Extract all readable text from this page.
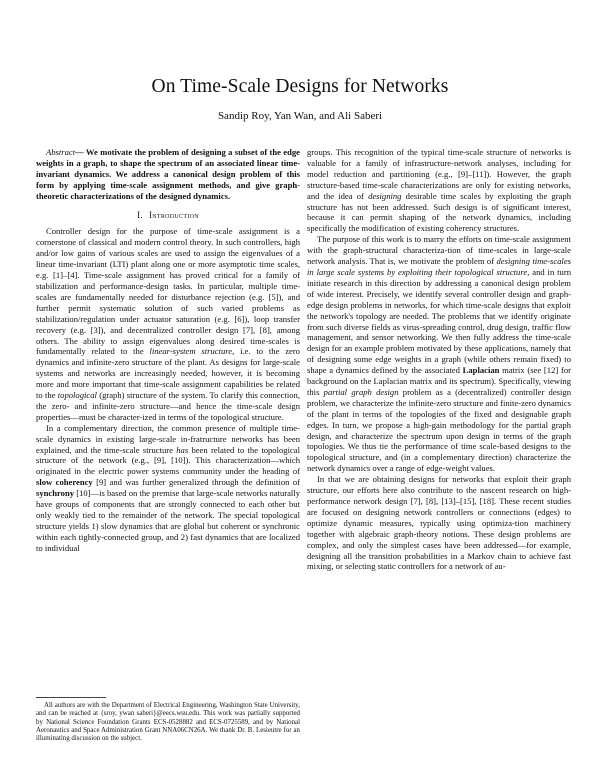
On Time-Scale Designs for Networks
Sandip Roy, Yan Wan, and Ali Saberi

Abstract— We motivate the problem of designing a subset of the edge weights in a graph, to shape the spectrum of an associated linear time-invariant dynamics. We address a canonical design problem of this form by applying time-scale assignment methods, and give graph-theoretic characterizations of the designed dynamics.

I. Introduction

Controller design for the purpose of time-scale assignment is a cornerstone of classical and modern control theory. In such controllers, high and/or low gains of various scales are used to assign the eigenvalues of a linear time-invariant (LTI) plant along one or more asymptotic time scales, e.g. [1]–[4]. Time-scale assignment has proved critical for a family of stabilization and performance-design tasks. In particular, multiple time-scales are fundamentally needed for disturbance rejection (e.g. [5]), and further permit systematic solution of such varied problems as stabilization/regulation under actuator saturation (e.g. [6]), loop transfer recovery (e.g. [3]), and decentralized controller design [7], [8], among others. The ability to assign eigenvalues along desired time-scales is fundamentally related to the linear-system structure, i.e. to the zero dynamics and infinite-zero structure of the plant. As designs for large-scale systems and networks are increasingly needed, however, it is becoming more and more important that time-scale assignment capabilities be related to the topological (graph) structure of the system. To clarify this connection, the zero- and infinite-zero structure—and hence the time-scale design properties—must be character-ized in terms of the topological structure.

In a complementary direction, the common presence of multiple time-scale dynamics in existing large-scale in-fratructure networks has been explained, and the time-scale structure has been related to the topological structure of the network (e.g., [9], [10]). This characterization—which originated in the electric power systems community under the heading of slow coherency [9] and was further generalized through the definition of synchrony [10]—is based on the premise that large-scale networks naturally have groups of components that are strongly connected to each other but only weakly tied to the remainder of the network. The special topological structure yields 1) slow dynamics that are global but coherent or synchronic within each tightly-connected group, and 2) fast dynamics that are localized to individual

All authors are with the Department of Electrical Engineering, Washington State University, and can be reached at {sroy, ywan saberi}@eecs.wsu.edu. This work was partially supported by National Science Foundation Grants ECS-0528882 and ECS-0725589, and by National Aeronautics and Space Administration Grant NNA06CN26A. We thank Dr. B. Lesieutre for an illuminating discussion on the subject.

groups. This recognition of the typical time-scale structure of networks is valuable for a family of infrastructure-network analyses, including for model reduction and partitioning (e.g., [9]–[11]). However, the graph structure-based time-scale characterizations are only for existing networks, and the idea of designing desirable time scales by exploiting the graph structure has not been addressed. Such design is of significant interest, because it can permit shaping of the network dynamics, including specifically the modification of existing coherency structures.

The purpose of this work is to marry the efforts on time-scale assignment with the graph-structural characteriza-tion of time-scales in large-scale network analysis. That is, we motivate the problem of designing time-scales in large scale systems by exploiting their topological structure, and in turn initiate research in this direction by addressing a canonical design problem of wide interest. Precisely, we identify several controller design and graph-edge design problems in networks, for which time-scale designs that exploit the network's topology are needed. The problems that we identify originate from such diverse fields as virus-spreading control, drug design, traffic flow management, and sensor networking. We then fully address the time-scale design for an example problem motivated by these applications, namely that of designing some edge weights in a graph (while others remain fixed) to shape a dynamics defined by the associated Laplacian matrix (see [12] for background on the Laplacian matrix and its spectrum). Specifically, viewing this partial graph design problem as a (decentralized) controller design problem, we characterize the infinite-zero structure and finite-zero dynamics of the plant in terms of the topologies of the fixed and designable graph edges. In turn, we propose a high-gain methodology for the partial graph design, and characterize the spectrum upon design in terms of the graph topologies. We thus tie the performance of time scale-based designs to the topological structure, and (in a complementary direction) characterize the network dynamics over a range of edge-weight values.

In that we are obtaining designs for networks that exploit their graph structure, our efforts here also contribute to the nascent research on high-performance network design [7], [8], [13]–[15], [18]. These recent studies are focused on designing network controllers or connections (edges) to optimize dynamic measures, typically using optimiza-tion machinery together with algebraic graph-theory notions. These design problems are complex, and only the simplest cases have been addressed—for example, designing all the transition probabilities in a Markov chain to achieve fast mixing, or selecting static controllers for a network of au-
